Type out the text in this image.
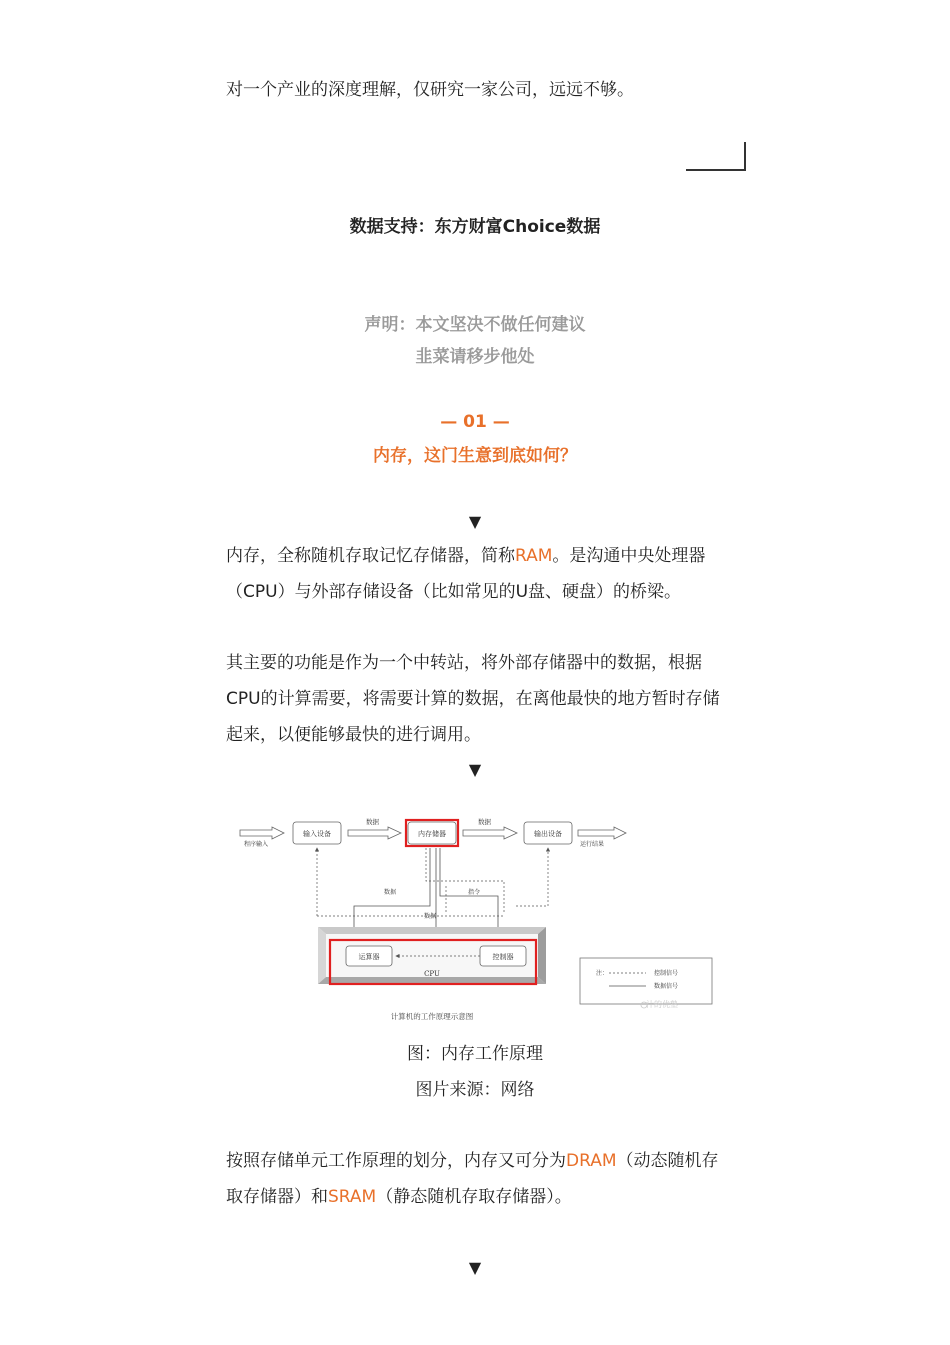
对一个产业的深度理解，仅研究一家公司，远远不够。

数据支持：东方财富Choice数据
声明：本文坚决不做任何建议
韭菜请移步他处
— 01 —
内存，这门生意到底如何？
▼

内存，全称随机存取记忆存储器，简称RAM。是沟通中央处理器（CPU）与外部存储设备（比如常见的U盘、硬盘）的桥梁。

其主要的功能是作为一个中转站，将外部存储器中的数据，根据CPU的计算需要，将需要计算的数据，在离他最快的地方暂时存储起来，以便能够最快的进行调用。

▼
程序输入
输入设备
数据
内存储器
数据
输出设备
运行结果
数据	指令
数据
运算器	控制器
CPU	注：	控制信号
数据信号
汁的优塾
计算机的工作原理示意图
图：内存工作原理
图片来源：网络

按照存储单元工作原理的划分，内存又可分为DRAM（动态随机存取存储器）和SRAM（静态随机存取存储器）。

▼
